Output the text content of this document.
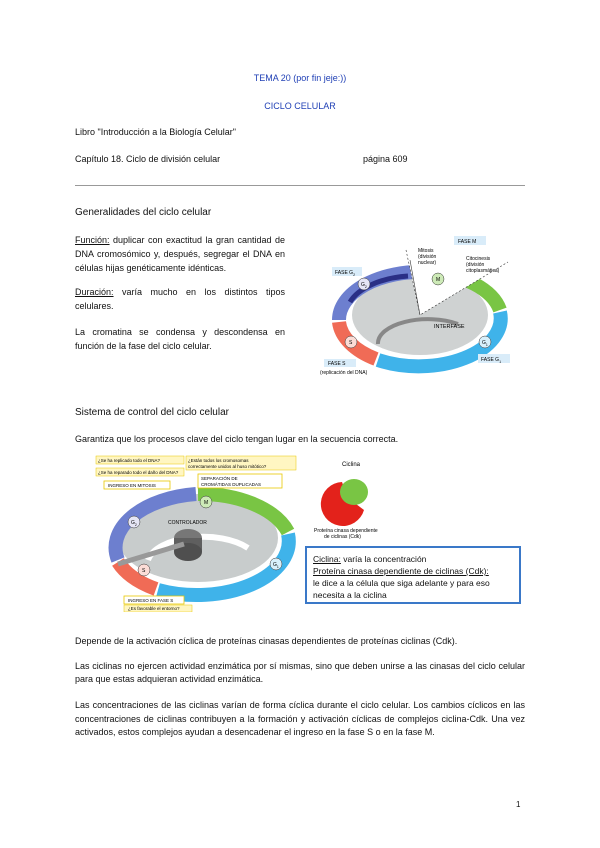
TEMA 20 (por fin jeje:))
CICLO CELULAR
Libro "Introducción a la Biología Celular"
Capítulo 18. Ciclo de división celular	página 609
Generalidades del ciclo celular
Función: duplicar con exactitud la gran cantidad de DNA cromosómico y, después, segregar el DNA en células hijas genéticamente idénticas.
Duración: varía mucho en los distintos tipos celulares.
La cromatina se condensa y descondensa en función de la fase del ciclo celular.
$G_2$
M
$G_1$
S
FASE M
FASE $G_2$
FASE $G_1$
FASE S
(replicación del DNA)
INTERFASE
Mitosis
(división
nuclear)
Citocinesis
(división
citoplasmática)
Sistema de control del ciclo celular
Garantiza que los procesos clave del ciclo tengan lugar en la secuencia correcta.
CONTROLADOR
$G_2$
M
$G_1$
S
¿Se ha replicado todo el DNA?
¿Se ha reparado todo el daño del DNA?
INGRESO EN MITOSIS
¿Están todos los cromosomas
correctamente unidos al huso mitótico?
SEPARACIÓN DE
CROMÁTIDAS DUPLICADAS
INGRESO EN FASE S
¿Es favorable el entorno?
Ciclina
Proteína cinasa dependiente
de ciclinas (Cdk)
Ciclina: varía la concentración
Proteína cinasa dependiente de ciclinas (Cdk):
le dice a la célula que siga adelante y para eso necesita a la ciclina
Depende de la activación cíclica de proteínas cinasas dependientes de proteínas ciclinas (Cdk).
Las ciclinas no ejercen actividad enzimática por sí mismas, sino que deben unirse a las cinasas del ciclo celular para que estas adquieran actividad enzimática.
Las concentraciones de las ciclinas varían de forma cíclica durante el ciclo celular. Los cambios cíclicos en las concentraciones de ciclinas contribuyen a la formación y activación cíclicas de complejos ciclina-Cdk. Una vez activados, estos complejos ayudan a desencadenar el ingreso en la fase S o en la fase M.
1
